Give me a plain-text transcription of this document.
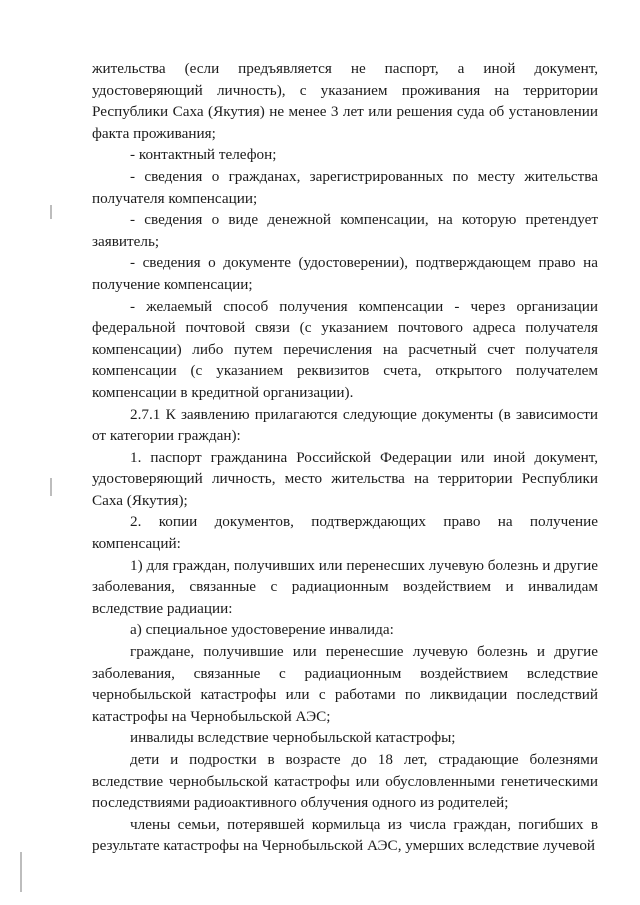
жительства (если предъявляется не паспорт, а иной документ, удостоверяющий личность), с указанием проживания на территории Республики Саха (Якутия) не менее 3 лет или решения суда об установлении факта проживания;

- контактный телефон;

- сведения о гражданах, зарегистрированных по месту жительства получателя компенсации;

- сведения о виде денежной компенсации, на которую претендует заявитель;

- сведения о документе (удостоверении), подтверждающем право на получение компенсации;

- желаемый способ получения компенсации - через организации федеральной почтовой связи (с указанием почтового адреса получателя компенсации) либо путем перечисления на расчетный счет получателя компенсации (с указанием реквизитов счета, открытого получателем компенсации в кредитной организации).

2.7.1 К заявлению прилагаются следующие документы (в зависимости от категории граждан):

1. паспорт гражданина Российской Федерации или иной документ, удостоверяющий личность, место жительства на территории Республики Саха (Якутия);

2. копии документов, подтверждающих право на получение компенсаций:

1) для граждан, получивших или перенесших лучевую болезнь и другие заболевания, связанные с радиационным воздействием и инвалидам вследствие радиации:

а) специальное удостоверение инвалида:

граждане, получившие или перенесшие лучевую болезнь и другие заболевания, связанные с радиационным воздействием вследствие чернобыльской катастрофы или с работами по ликвидации последствий катастрофы на Чернобыльской АЭС;

инвалиды вследствие чернобыльской катастрофы;

дети и подростки в возрасте до 18 лет, страдающие болезнями вследствие чернобыльской катастрофы или обусловленными генетическими последствиями радиоактивного облучения одного из родителей;

члены семьи, потерявшей кормильца из числа граждан, погибших в результате катастрофы на Чернобыльской АЭС, умерших вследствие лучевой
